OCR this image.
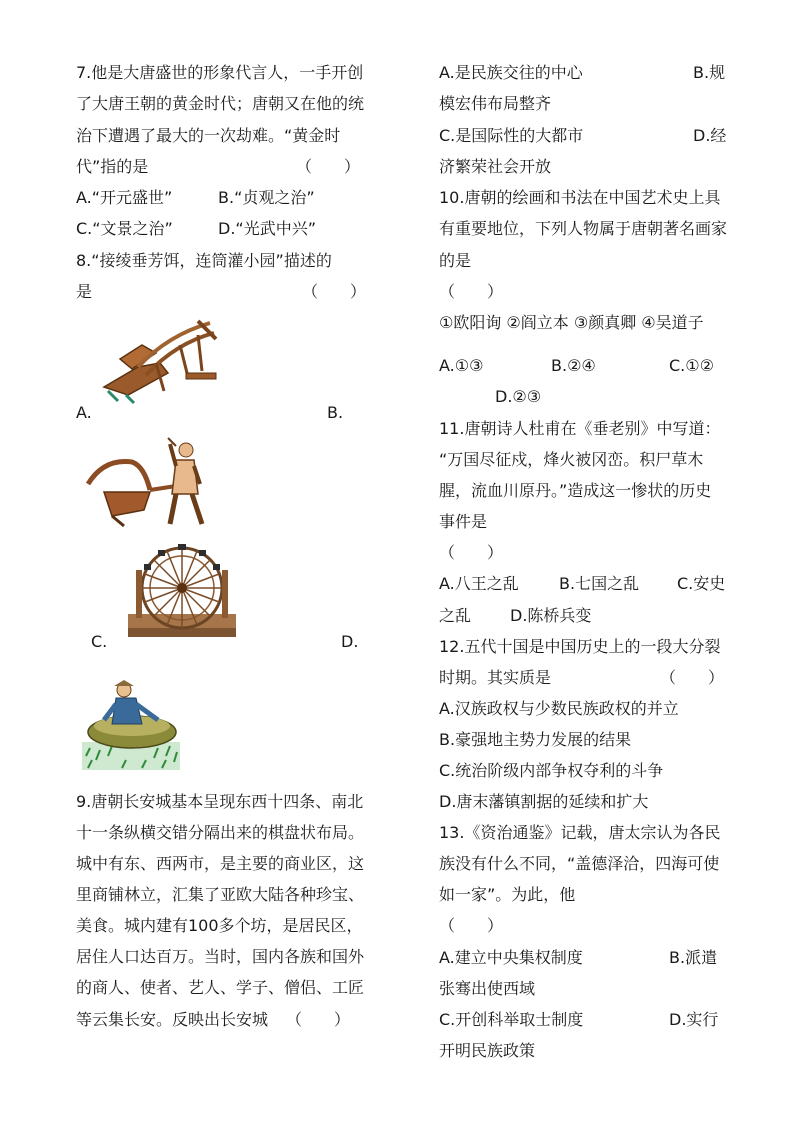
7.他是大唐盛世的形象代言人，一手开创
了大唐王朝的黄金时代；唐朝又在他的统
治下遭遇了最大的一次劫难。“黄金时
代”指的是	（　　）
A.“开元盛世”	B.“贞观之治”
C.“文景之治”	D.“光武中兴”
8.“接绫垂芳饵，连筒灌小园”描述的
是	（　　）
A.	B.
C.	D.
9.唐朝长安城基本呈现东西十四条、南北
十一条纵横交错分隔出来的棋盘状布局。
城中有东、西两市，是主要的商业区，这
里商铺林立，汇集了亚欧大陆各种珍宝、
美食。城内建有100多个坊，是居民区，
居住人口达百万。当时，国内各族和国外
的商人、使者、艺人、学子、僧侣、工匠
等云集长安。反映出长安城 （　　）
A.是民族交往的中心	B.规
模宏伟布局整齐
C.是国际性的大都市	D.经
济繁荣社会开放
10.唐朝的绘画和书法在中国艺术史上具
有重要地位，下列人物属于唐朝著名画家
的是
（　　）
①欧阳询 ②阎立本 ③颜真卿 ④吴道子
A.①③	B.②④	C.①②
D.②③
11.唐朝诗人杜甫在《垂老别》中写道：
“万国尽征戍，烽火被冈峦。积尸草木
腥，流血川原丹。”造成这一惨状的历史
事件是
（　　）
A.八王之乱	B.七国之乱 C.安史
之乱 D.陈桥兵变
12.五代十国是中国历史上的一段大分裂
时期。其实质是	（　　）
A.汉族政权与少数民族政权的并立
B.豪强地主势力发展的结果
C.统治阶级内部争权夺利的斗争
D.唐末藩镇割据的延续和扩大
13.《资治通鉴》记载，唐太宗认为各民
族没有什么不同，“盖德泽洽，四海可使
如一家”。为此，他
（　　）
A.建立中央集权制度	B.派遣
张骞出使西域
C.开创科举取士制度	D.实行
开明民族政策
